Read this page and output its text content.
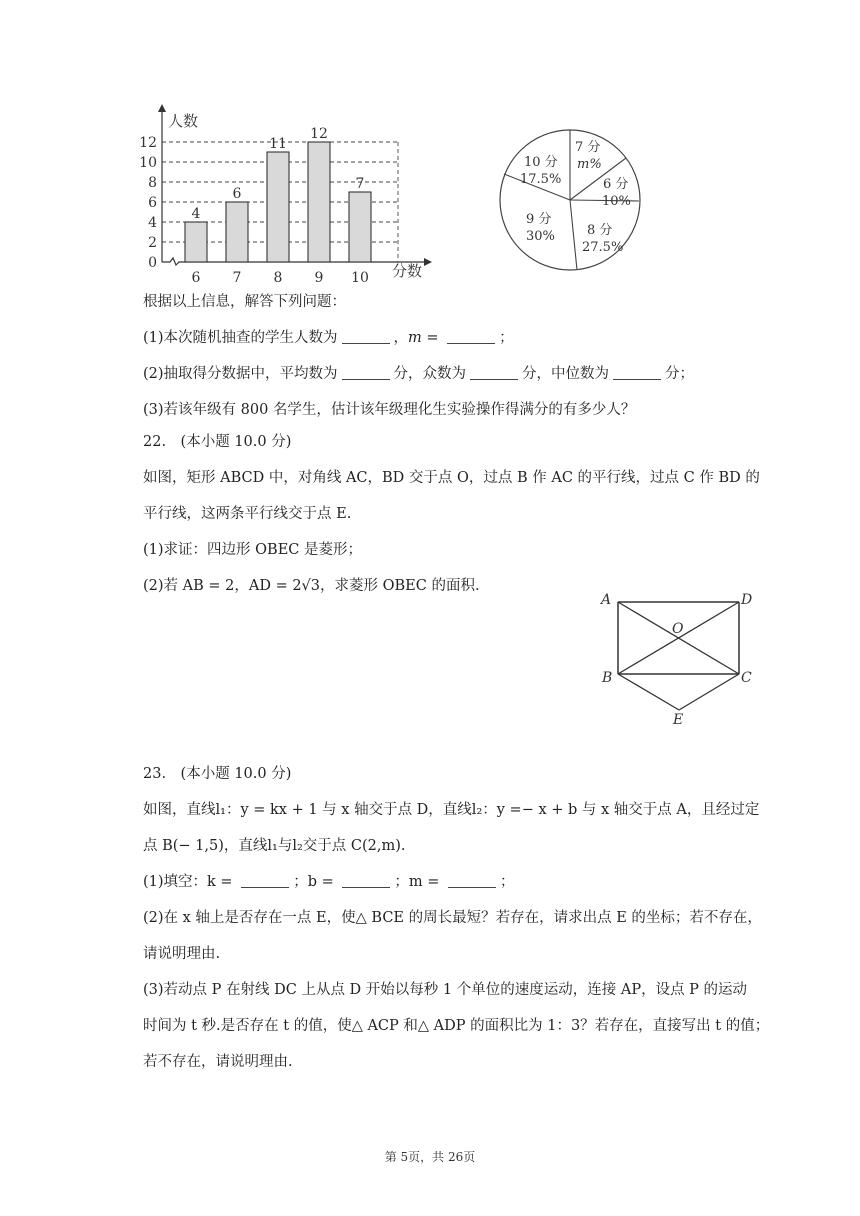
0
2
4
6
8
10
12
6 7 8 9 10
4
6
11
12
7
人数
分数
7 分
m%
6 分
10%
8 分
27.5%
9 分
30%
10 分
17.5%
根据以上信息，解答下列问题：
(1)本次随机抽查的学生人数为	，m =	；
(2)抽取得分数据中，平均数为	分，众数为	分，中位数为	分；
(3)若该年级有 800 名学生，估计该年级理化生实验操作得满分的有多少人？
22.　(本小题 10.0 分)
如图，矩形 ABCD 中，对角线 AC，BD 交于点 O，过点 B 作 AC 的平行线，过点 C 作 BD 的
平行线，这两条平行线交于点 E.
(1)求证：四边形 OBEC 是菱形；
(2)若 AB = 2，AD = 2√3，求菱形 OBEC 的面积.
A	D
O
B	C
E
23.　(本小题 10.0 分)
如图，直线l₁：y = kx + 1 与 x 轴交于点 D，直线l₂：y =− x + b 与 x 轴交于点 A，且经过定
点 B(− 1,5)，直线l₁与l₂交于点 C(2,m).
(1)填空：k =	；b =	；m =	；
(2)在 x 轴上是否存在一点 E，使△ BCE 的周长最短？若存在，请求出点 E 的坐标；若不存在，
请说明理由.
(3)若动点 P 在射线 DC 上从点 D 开始以每秒 1 个单位的速度运动，连接 AP，设点 P 的运动
时间为 t 秒.是否存在 t 的值，使△ ACP 和△ ADP 的面积比为 1：3？若存在，直接写出 t 的值；
若不存在，请说明理由.
第 5页，共 26页
